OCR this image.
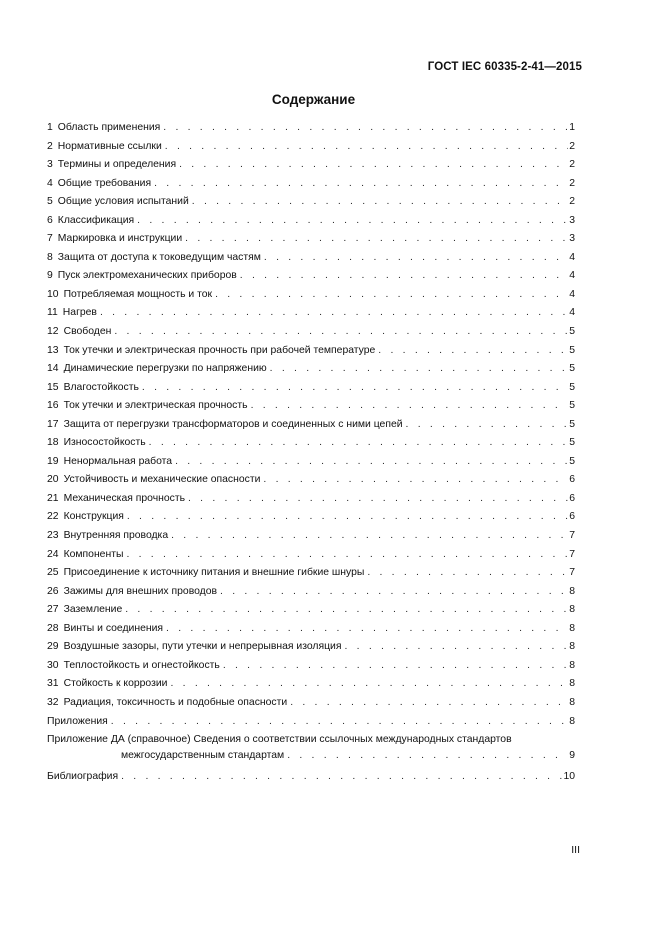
ГОСТ IEC 60335-2-41—2015
Содержание
1 Область применения . . .	1
2 Нормативные ссылки . . .	2
3 Термины и определения . . .	2
4 Общие требования . . .	2
5 Общие условия испытаний . . .	2
6 Классификация . . .	3
7 Маркировка и инструкции . . .	3
8 Защита от доступа к токоведущим частям . . .	4
9 Пуск электромеханических приборов . . .	4
10 Потребляемая мощность и ток . . .	4
11 Нагрев . . .	4
12 Свободен . . .	5
13 Ток утечки и электрическая прочность при рабочей температуре . . .	5
14 Динамические перегрузки по напряжению . . .	5
15 Влагостойкость . . .	5
16 Ток утечки и электрическая прочность . . .	5
17 Защита от перегрузки трансформаторов и соединенных с ними цепей . . .	5
18 Износостойкость . . .	5
19 Ненормальная работа . . .	5
20 Устойчивость и механические опасности . . .	6
21 Механическая прочность . . .	6
22 Конструкция . . .	6
23 Внутренняя проводка . . .	7
24 Компоненты . . .	7
25 Присоединение к источнику питания и внешние гибкие шнуры . . .	7
26 Зажимы для внешних проводов . . .	8
27 Заземление . . .	8
28 Винты и соединения . . .	8
29 Воздушные зазоры, пути утечки и непрерывная изоляция . . .	8
30 Теплостойкость и огнестойкость . . .	8
31 Стойкость к коррозии . . .	8
32 Радиация, токсичность и подобные опасности . . .	8
Приложения . . .	8
Приложение ДА (справочное) Сведения о соответствии ссылочных международных стандартов
межгосударственным стандартам . . .	9
Библиография . . .	10
III
